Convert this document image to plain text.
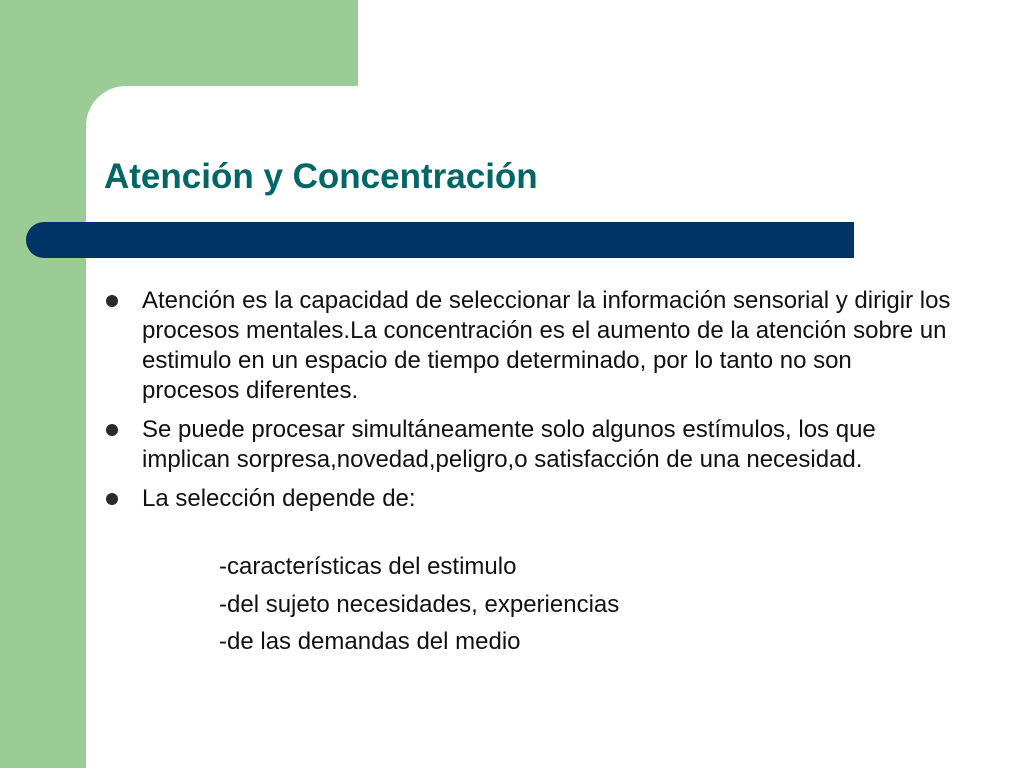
Atención y Concentración
Atención es la capacidad de seleccionar la información sensorial y dirigir los procesos mentales.La concentración es el aumento de la atención sobre un estimulo en un espacio de tiempo determinado, por lo tanto no son procesos diferentes.
Se puede procesar simultáneamente solo algunos estímulos, los que implican sorpresa,novedad,peligro,o satisfacción de una necesidad.
La selección depende de:
-características del estimulo
-del sujeto necesidades, experiencias
-de las demandas del medio
